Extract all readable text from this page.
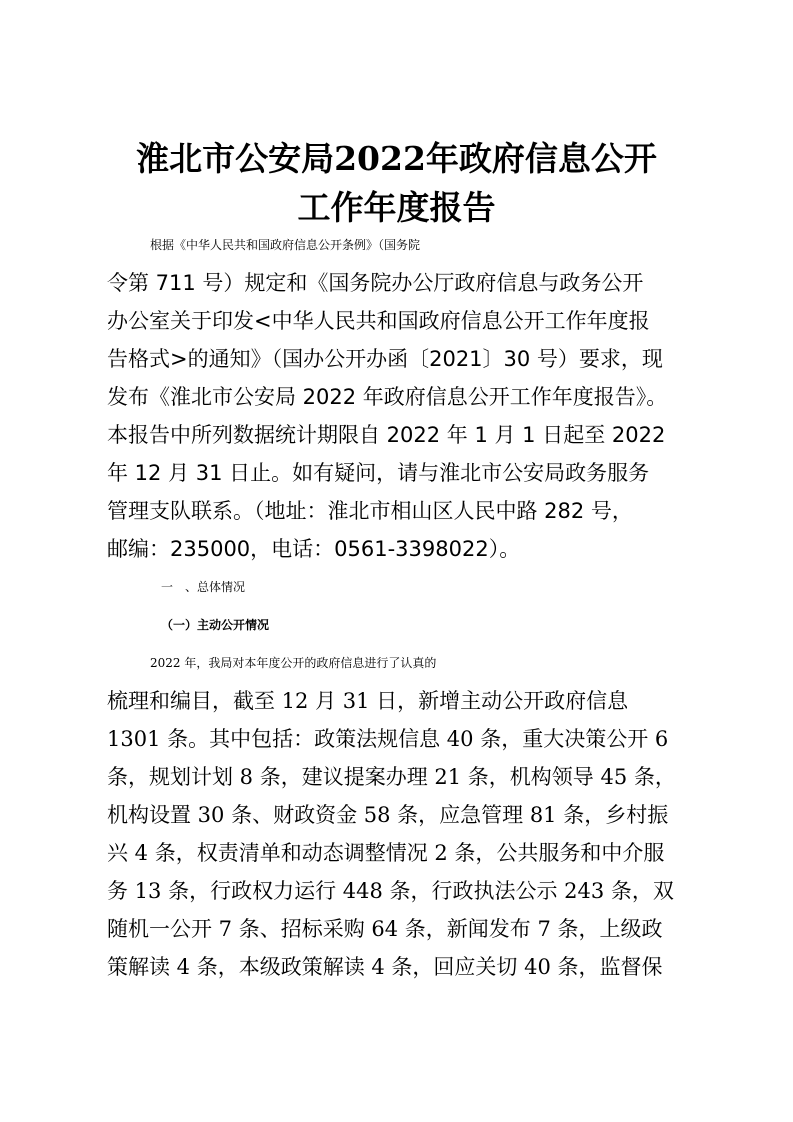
淮北市公安局2022年政府信息公开
工作年度报告
根据《中华人民共和国政府信息公开条例》（国务院
令第 711 号）规定和《国务院办公厅政府信息与政务公开
办公室关于印发<中华人民共和国政府信息公开工作年度报
告格式>的通知》（国办公开办函〔2021〕30 号）要求，现
发布《淮北市公安局 2022 年政府信息公开工作年度报告》。
本报告中所列数据统计期限自 2022 年 1 月 1 日起至 2022
年 12 月 31 日止。如有疑问，请与淮北市公安局政务服务
管理支队联系。（地址：淮北市相山区人民中路 282 号，
邮编：235000，电话：0561-3398022）。
一　、总体情况
（一）主动公开情况
2022 年，我局对本年度公开的政府信息进行了认真的
梳理和编目，截至 12 月 31 日，新增主动公开政府信息
1301 条。其中包括：政策法规信息 40 条，重大决策公开 6
条，规划计划 8 条，建议提案办理 21 条，机构领导 45 条，
机构设置 30 条、财政资金 58 条，应急管理 81 条，乡村振
兴 4 条，权责清单和动态调整情况 2 条，公共服务和中介服
务 13 条，行政权力运行 448 条，行政执法公示 243 条，双
随机一公开 7 条、招标采购 64 条，新闻发布 7 条，上级政
策解读 4 条，本级政策解读 4 条，回应关切 40 条，监督保
